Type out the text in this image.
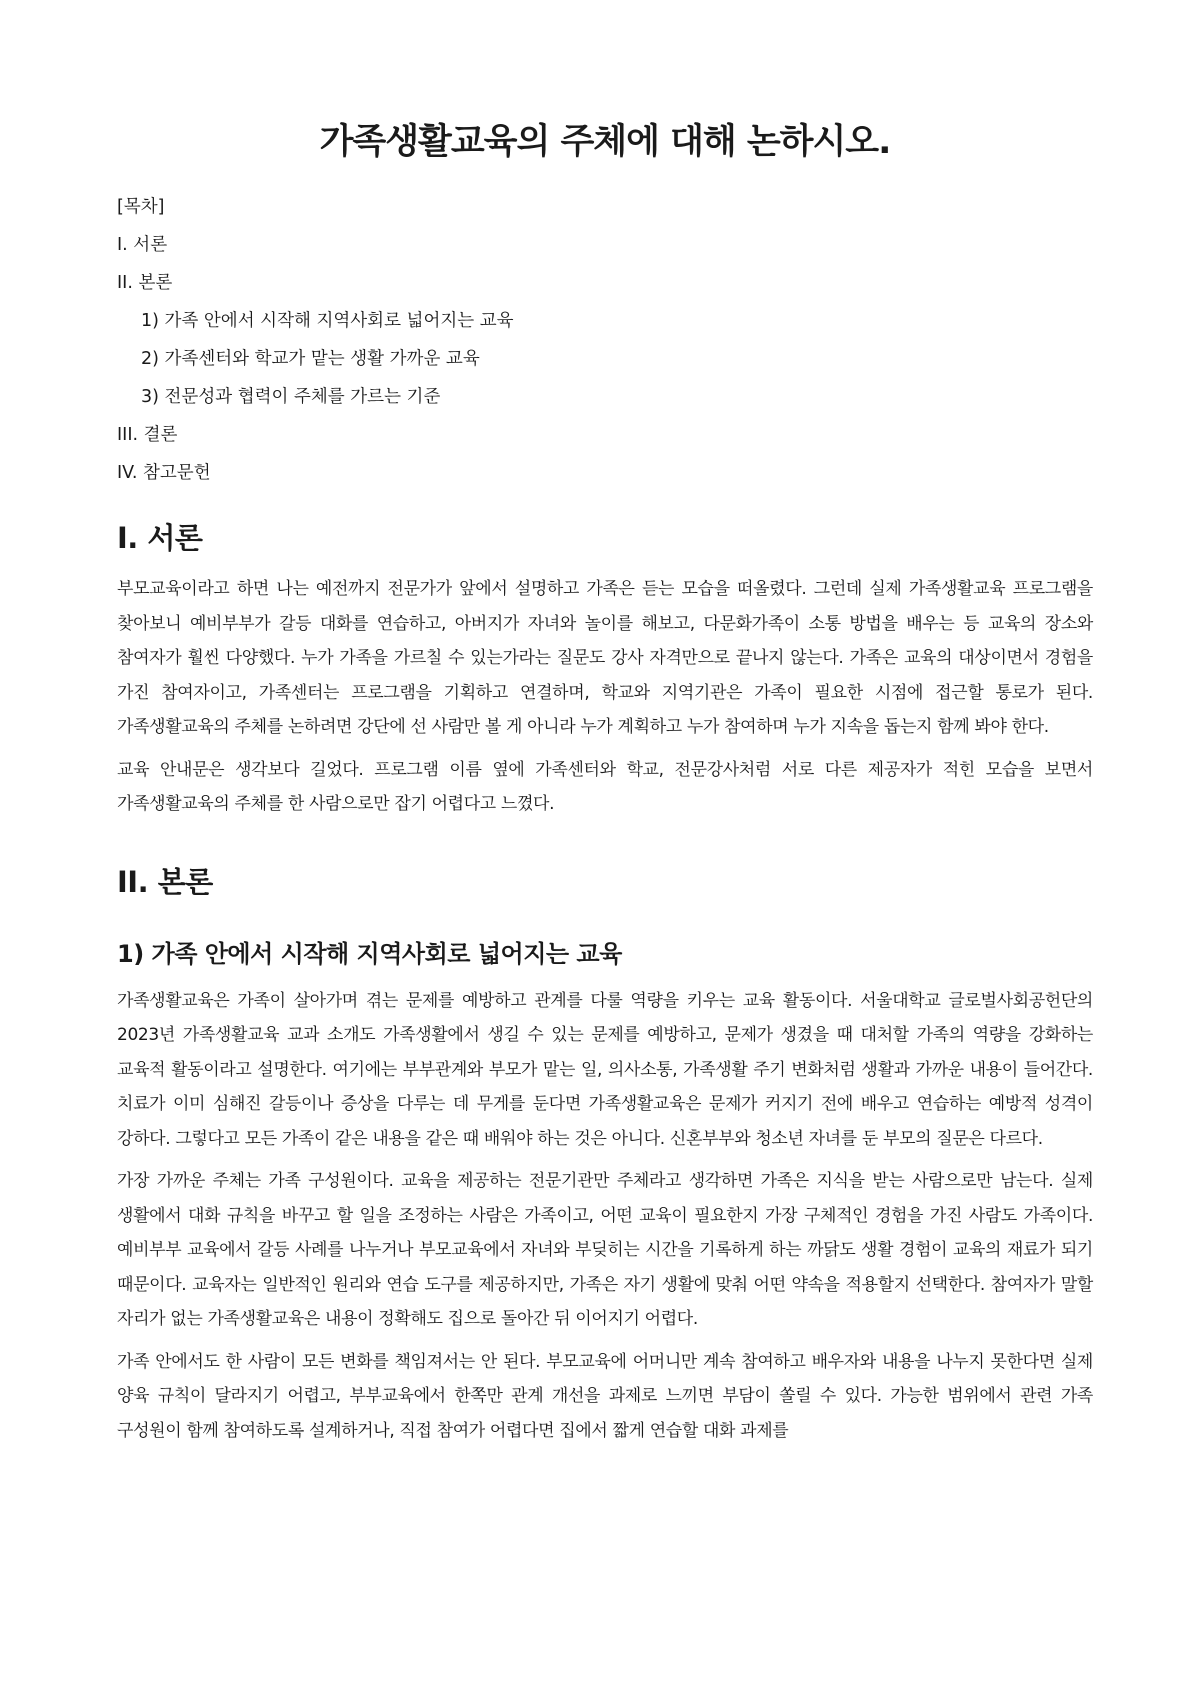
가족생활교육의 주체에 대해 논하시오.
[목차]
I. 서론
II. 본론
1) 가족 안에서 시작해 지역사회로 넓어지는 교육
2) 가족센터와 학교가 맡는 생활 가까운 교육
3) 전문성과 협력이 주체를 가르는 기준
III. 결론
IV. 참고문헌
I. 서론

부모교육이라고 하면 나는 예전까지 전문가가 앞에서 설명하고 가족은 듣는 모습을 떠올렸다. 그런데 실제 가족생활교육 프로그램을 찾아보니 예비부부가 갈등 대화를 연습하고, 아버지가 자녀와 놀이를 해보고, 다문화가족이 소통 방법을 배우는 등 교육의 장소와 참여자가 훨씬 다양했다. 누가 가족을 가르칠 수 있는가라는 질문도 강사 자격만으로 끝나지 않는다. 가족은 교육의 대상이면서 경험을 가진 참여자이고, 가족센터는 프로그램을 기획하고 연결하며, 학교와 지역기관은 가족이 필요한 시점에 접근할 통로가 된다. 가족생활교육의 주체를 논하려면 강단에 선 사람만 볼 게 아니라 누가 계획하고 누가 참여하며 누가 지속을 돕는지 함께 봐야 한다.

교육 안내문은 생각보다 길었다. 프로그램 이름 옆에 가족센터와 학교, 전문강사처럼 서로 다른 제공자가 적힌 모습을 보면서 가족생활교육의 주체를 한 사람으로만 잡기 어렵다고 느꼈다.

II. 본론
1) 가족 안에서 시작해 지역사회로 넓어지는 교육

가족생활교육은 가족이 살아가며 겪는 문제를 예방하고 관계를 다룰 역량을 키우는 교육 활동이다. 서울대학교 글로벌사회공헌단의 2023년 가족생활교육 교과 소개도 가족생활에서 생길 수 있는 문제를 예방하고, 문제가 생겼을 때 대처할 가족의 역량을 강화하는 교육적 활동이라고 설명한다. 여기에는 부부관계와 부모가 맡는 일, 의사소통, 가족생활 주기 변화처럼 생활과 가까운 내용이 들어간다. 치료가 이미 심해진 갈등이나 증상을 다루는 데 무게를 둔다면 가족생활교육은 문제가 커지기 전에 배우고 연습하는 예방적 성격이 강하다. 그렇다고 모든 가족이 같은 내용을 같은 때 배워야 하는 것은 아니다. 신혼부부와 청소년 자녀를 둔 부모의 질문은 다르다.

가장 가까운 주체는 가족 구성원이다. 교육을 제공하는 전문기관만 주체라고 생각하면 가족은 지식을 받는 사람으로만 남는다. 실제 생활에서 대화 규칙을 바꾸고 할 일을 조정하는 사람은 가족이고, 어떤 교육이 필요한지 가장 구체적인 경험을 가진 사람도 가족이다. 예비부부 교육에서 갈등 사례를 나누거나 부모교육에서 자녀와 부딪히는 시간을 기록하게 하는 까닭도 생활 경험이 교육의 재료가 되기 때문이다. 교육자는 일반적인 원리와 연습 도구를 제공하지만, 가족은 자기 생활에 맞춰 어떤 약속을 적용할지 선택한다. 참여자가 말할 자리가 없는 가족생활교육은 내용이 정확해도 집으로 돌아간 뒤 이어지기 어렵다.

가족 안에서도 한 사람이 모든 변화를 책임져서는 안 된다. 부모교육에 어머니만 계속 참여하고 배우자와 내용을 나누지 못한다면 실제 양육 규칙이 달라지기 어렵고, 부부교육에서 한쪽만 관계 개선을 과제로 느끼면 부담이 쏠릴 수 있다. 가능한 범위에서 관련 가족 구성원이 함께 참여하도록 설계하거나, 직접 참여가 어렵다면 집에서 짧게 연습할 대화 과제를
